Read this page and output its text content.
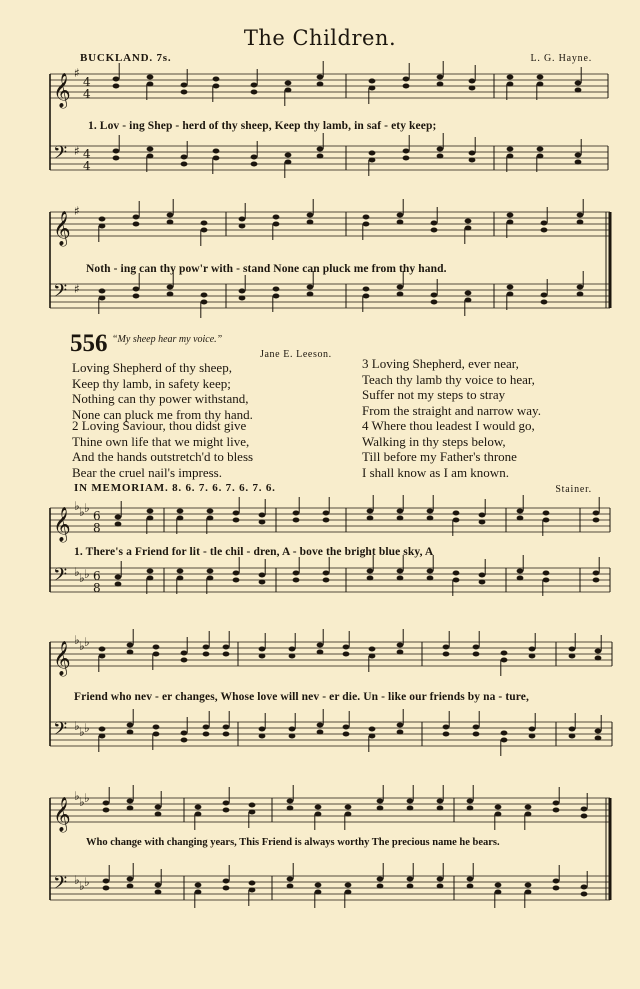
The Children.
BUCKLAND. 7s.	L. G. Hayne.
𝄞
𝄢
♯
♯
4
4
4
4
1. Lov - ing Shep - herd of thy sheep, Keep thy lamb, in saf - ety keep;
𝄞
𝄢
♯
♯
Noth - ing can thy pow'r with - stand None can pluck me from thy hand.
556 “My sheep hear my voice.”
Jane E. Leeson.
Loving Shepherd of thy sheep,
Keep thy lamb, in safety keep;
Nothing can thy power withstand,
None can pluck me from thy hand.
2 Loving Saviour, thou didst give
Thine own life that we might live,
And the hands outstretch'd to bless
Bear the cruel nail's impress.
3 Loving Shepherd, ever near,
Teach thy lamb thy voice to hear,
Suffer not my steps to stray
From the straight and narrow way.
4 Where thou leadest I would go,
Walking in thy steps below,
Till before my Father's throne
I shall know as I am known.
IN MEMORIAM. 8. 6. 7. 6. 7. 6. 7. 6.	Stainer.
𝄞
𝄢
♭
♭
♭
♭
♭
♭
6
8
6
8
1. There's a Friend for lit - tle chil - dren, A - bove the bright blue sky, A
𝄞
𝄢
♭
♭
♭
♭
♭
♭
Friend who nev - er changes, Whose love will nev - er die. Un - like our friends by na - ture,
𝄞
𝄢
♭
♭
♭
♭
♭
♭
Who change with changing years, This Friend is always worthy The precious name he bears.
